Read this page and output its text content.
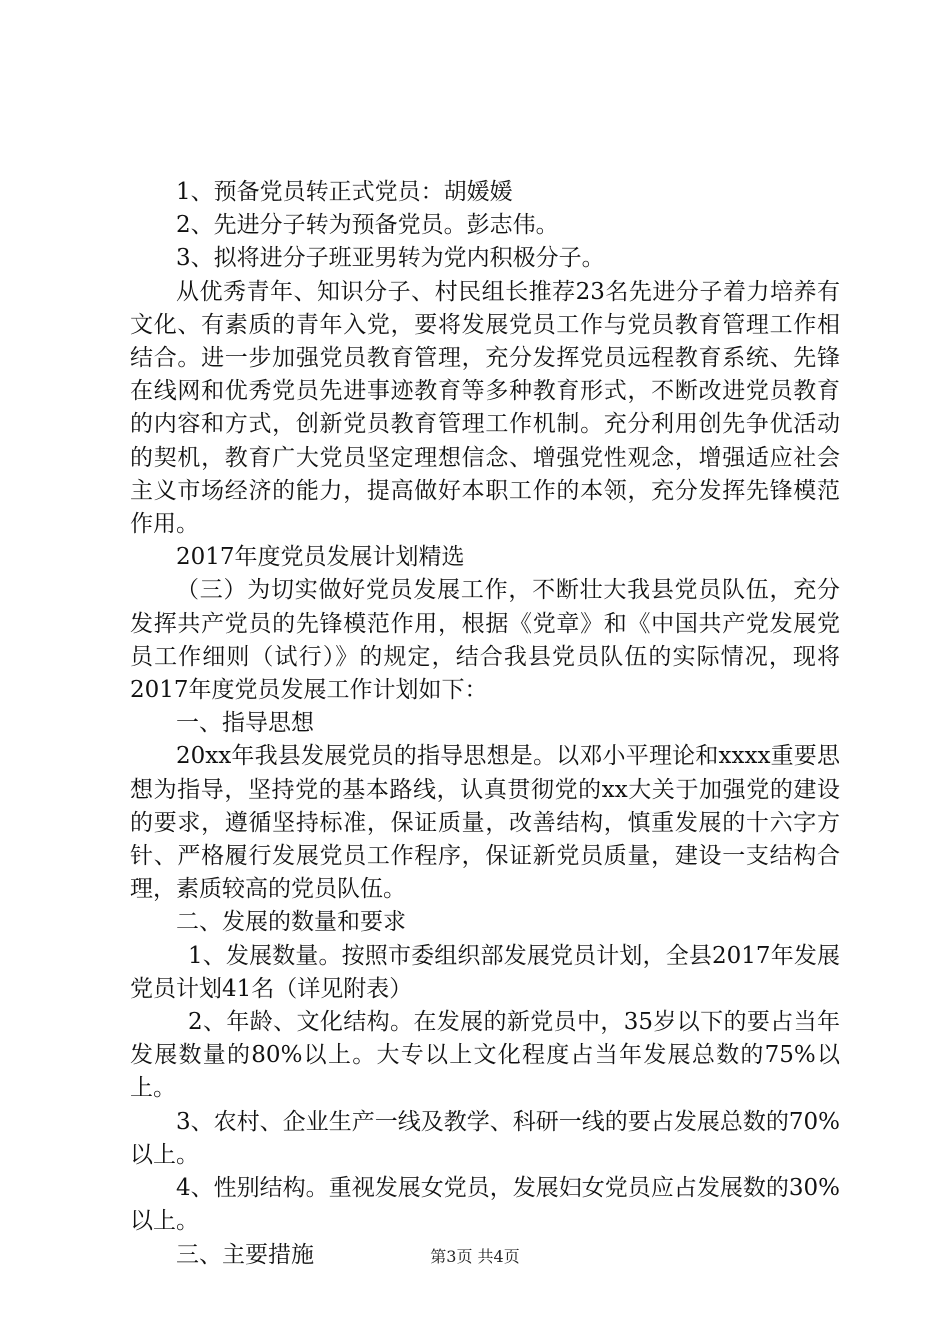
1、预备党员转正式党员：胡媛媛

2、先进分子转为预备党员。彭志伟。

3、拟将进分子班亚男转为党内积极分子。

从优秀青年、知识分子、村民组长推荐23名先进分子着力培养有文化、有素质的青年入党，要将发展党员工作与党员教育管理工作相结合。进一步加强党员教育管理，充分发挥党员远程教育系统、先锋在线网和优秀党员先进事迹教育等多种教育形式，不断改进党员教育的内容和方式，创新党员教育管理工作机制。充分利用创先争优活动的契机，教育广大党员坚定理想信念、增强党性观念，增强适应社会主义市场经济的能力，提高做好本职工作的本领，充分发挥先锋模范作用。

2017年度党员发展计划精选

（三）为切实做好党员发展工作，不断壮大我县党员队伍，充分发挥共产党员的先锋模范作用，根据《党章》和《中国共产党发展党员工作细则（试行）》的规定，结合我县党员队伍的实际情况，现将2017年度党员发展工作计划如下：

一、指导思想

20xx年我县发展党员的指导思想是。以邓小平理论和xxxx重要思想为指导，坚持党的基本路线，认真贯彻党的xx大关于加强党的建设的要求，遵循坚持标准，保证质量，改善结构，慎重发展的十六字方针、严格履行发展党员工作程序，保证新党员质量，建设一支结构合理，素质较高的党员队伍。

二、发展的数量和要求

1、发展数量。按照市委组织部发展党员计划，全县2017年发展党员计划41名（详见附表）

2、年龄、文化结构。在发展的新党员中，35岁以下的要占当年发展数量的80%以上。大专以上文化程度占当年发展总数的75%以上。

3、农村、企业生产一线及教学、科研一线的要占发展总数的70%以上。

4、性别结构。重视发展女党员，发展妇女党员应占发展数的30%以上。

三、主要措施	第3页 共4页
